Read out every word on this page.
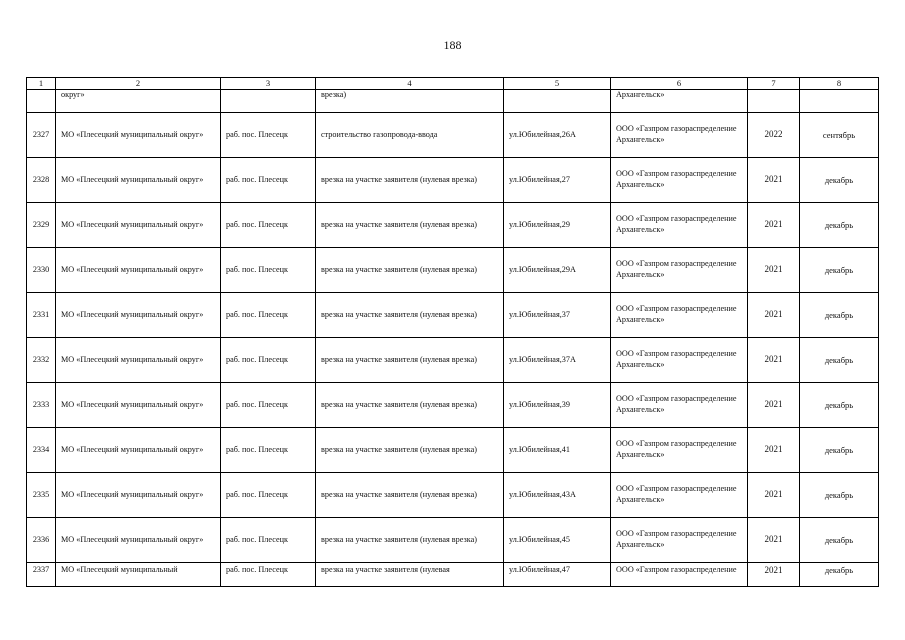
188
1	2	3	4	5	6	7	8
	округ»		врезка)		Архангельск»		
2327	МО «Плесецкий муниципальный округ»	раб. пос. Плесецк	строительство газопровода-ввода	ул.Юбилейная,26А	ООО «Газпром газораспределение Архангельск»	2022	сентябрь
2328	МО «Плесецкий муниципальный округ»	раб. пос. Плесецк	врезка на участке заявителя (нулевая врезка)	ул.Юбилейная,27	ООО «Газпром газораспределение Архангельск»	2021	декабрь
2329	МО «Плесецкий муниципальный округ»	раб. пос. Плесецк	врезка на участке заявителя (нулевая врезка)	ул.Юбилейная,29	ООО «Газпром газораспределение Архангельск»	2021	декабрь
2330	МО «Плесецкий муниципальный округ»	раб. пос. Плесецк	врезка на участке заявителя (нулевая врезка)	ул.Юбилейная,29А	ООО «Газпром газораспределение Архангельск»	2021	декабрь
2331	МО «Плесецкий муниципальный округ»	раб. пос. Плесецк	врезка на участке заявителя (нулевая врезка)	ул.Юбилейная,37	ООО «Газпром газораспределение Архангельск»	2021	декабрь
2332	МО «Плесецкий муниципальный округ»	раб. пос. Плесецк	врезка на участке заявителя (нулевая врезка)	ул.Юбилейная,37А	ООО «Газпром газораспределение Архангельск»	2021	декабрь
2333	МО «Плесецкий муниципальный округ»	раб. пос. Плесецк	врезка на участке заявителя (нулевая врезка)	ул.Юбилейная,39	ООО «Газпром газораспределение Архангельск»	2021	декабрь
2334	МО «Плесецкий муниципальный округ»	раб. пос. Плесецк	врезка на участке заявителя (нулевая врезка)	ул.Юбилейная,41	ООО «Газпром газораспределение Архангельск»	2021	декабрь
2335	МО «Плесецкий муниципальный округ»	раб. пос. Плесецк	врезка на участке заявителя (нулевая врезка)	ул.Юбилейная,43А	ООО «Газпром газораспределение Архангельск»	2021	декабрь
2336	МО «Плесецкий муниципальный округ»	раб. пос. Плесецк	врезка на участке заявителя (нулевая врезка)	ул.Юбилейная,45	ООО «Газпром газораспределение Архангельск»	2021	декабрь
2337	МО «Плесецкий муниципальный	раб. пос. Плесецк	врезка на участке заявителя (нулевая	ул.Юбилейная,47	ООО «Газпром газораспределение	2021	декабрь
